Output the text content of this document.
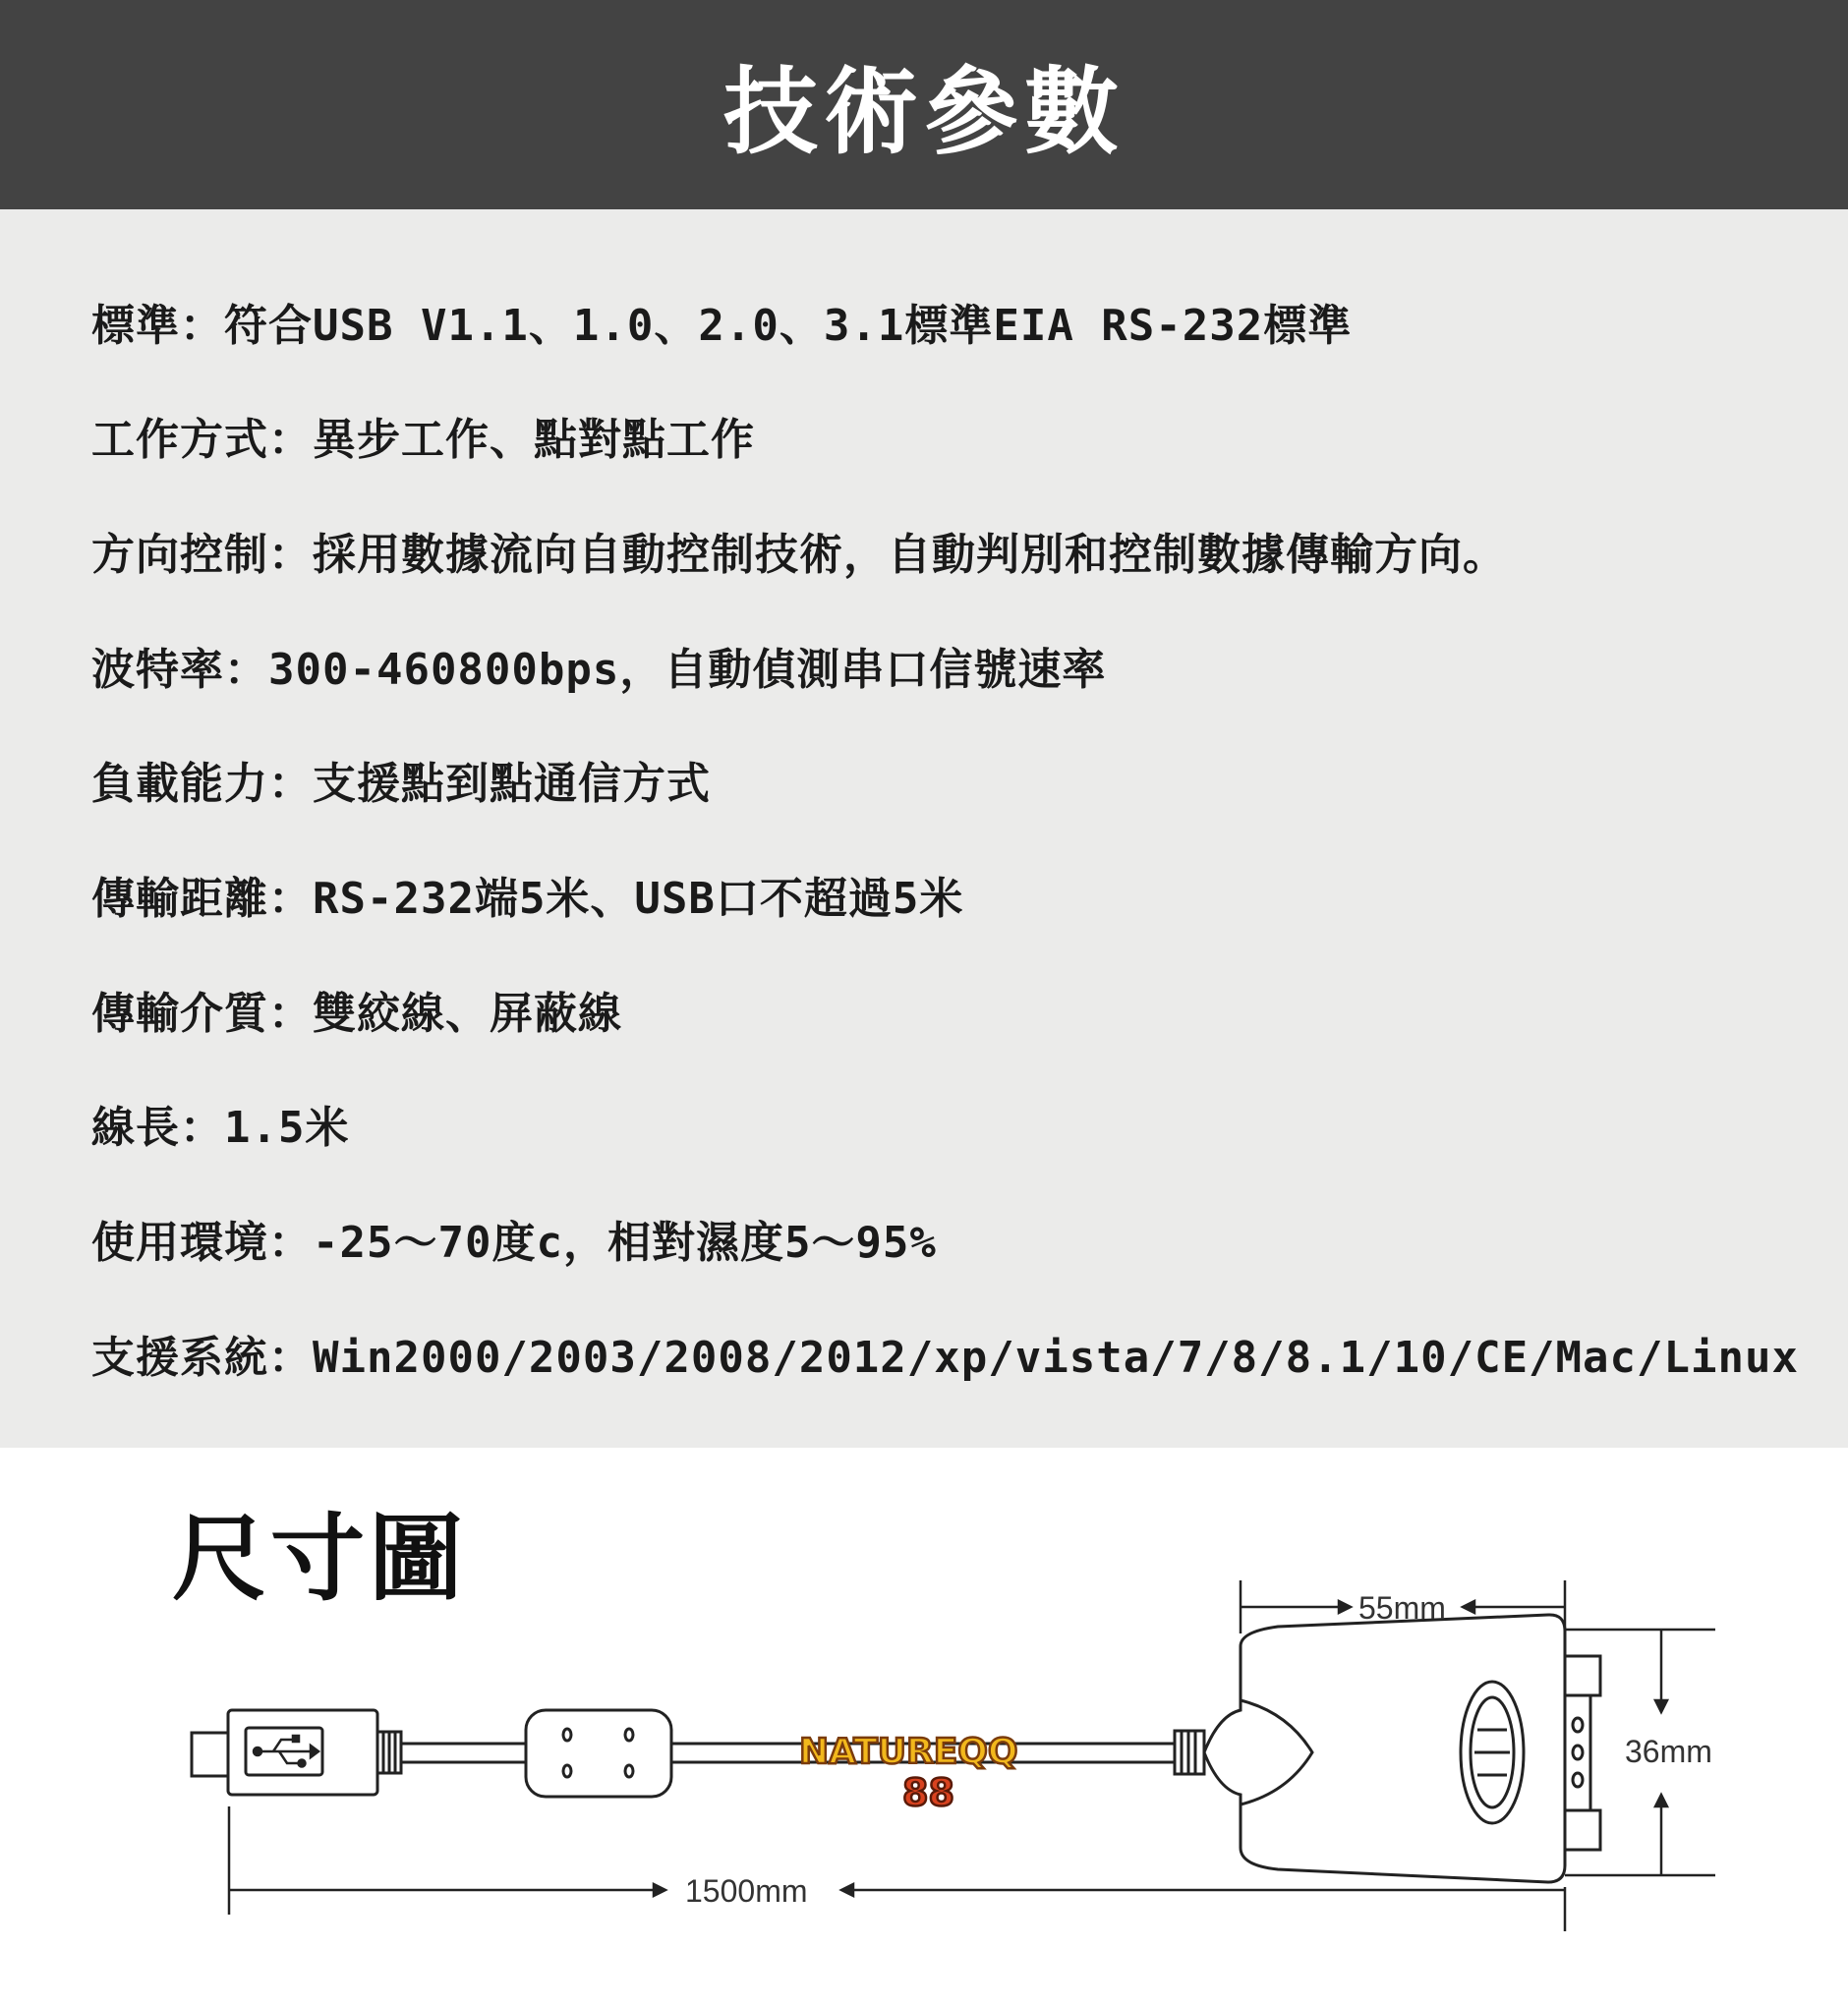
技術參數
標準：符合USB V1.1、1.0、2.0、3.1標準EIA RS-232標準
工作方式：異步工作、點對點工作
方向控制：採用數據流向自動控制技術，自動判別和控制數據傳輸方向。
波特率：300-460800bps，自動偵測串口信號速率
負載能力：支援點到點通信方式
傳輸距離：RS-232端5米、USB口不超過5米
傳輸介質：雙絞線、屏蔽線
線長：1.5米
使用環境：-25～70度c，相對濕度5～95%
支援系統：Win2000/2003/2008/2012/xp/vista/7/8/8.1/10/CE/Mac/Linux
尺寸圖	55mm
36mm
1500mm
NATUREQQ
88
